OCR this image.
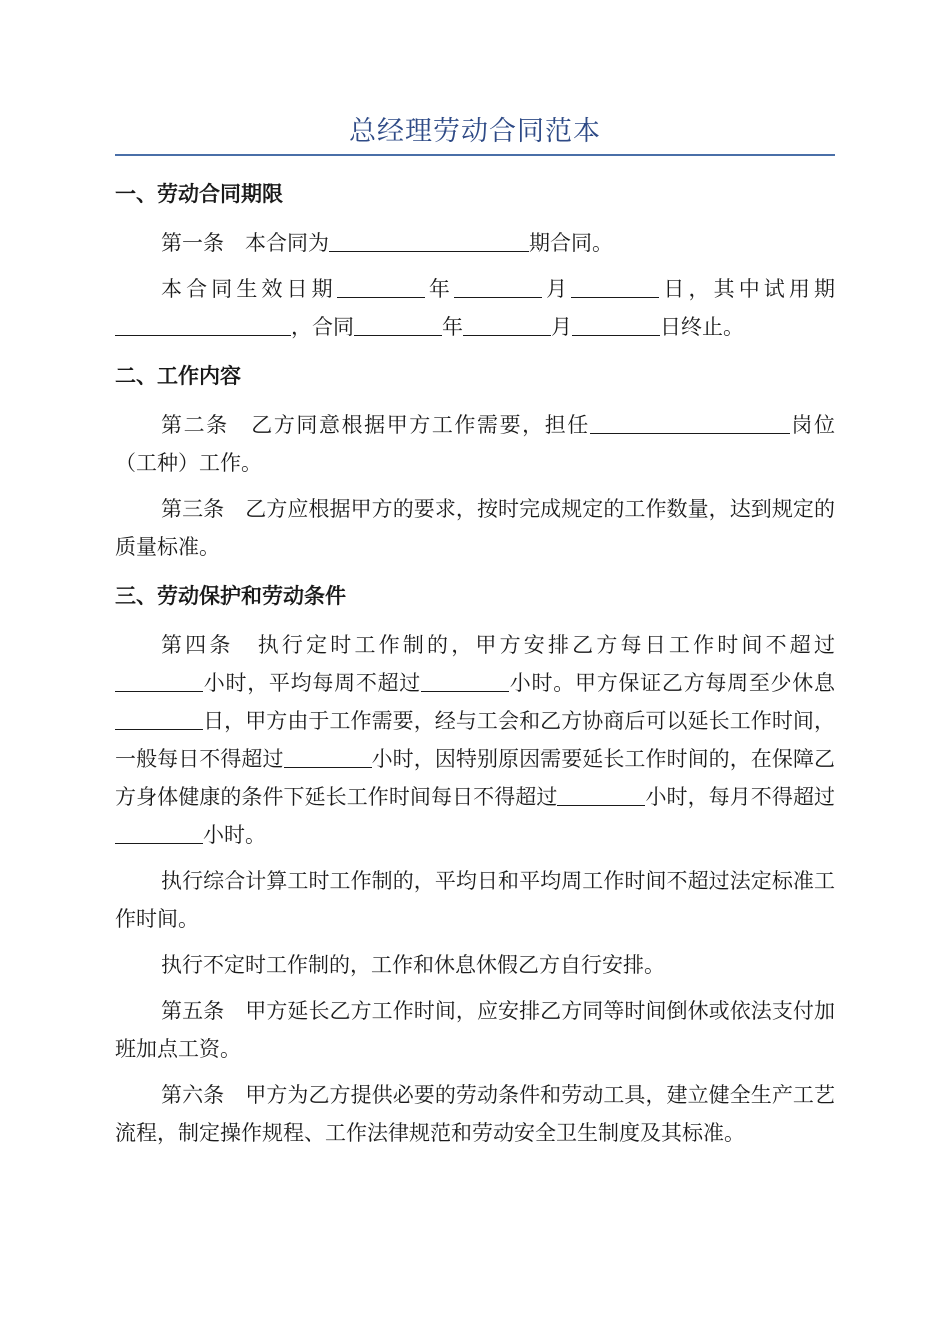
总经理劳动合同范本
一、劳动合同期限

第一条　本合同为	期合同。

本合同生效日期	年	月	日，其中试用期，合同	年	月	日终止。

二、工作内容

第二条　乙方同意根据甲方工作需要，担任	岗位（工种）工作。

第三条　乙方应根据甲方的要求，按时完成规定的工作数量，达到规定的质量标准。

三、劳动保护和劳动条件

第四条　执行定时工作制的，甲方安排乙方每日工作时间不超过小时，平均每周不超过	小时。甲方保证乙方每周至少休息日，甲方由于工作需要，经与工会和乙方协商后可以延长工作时间，一般每日不得超过	小时，因特别原因需要延长工作时间的，在保障乙方身体健康的条件下延长工作时间每日不得超过	小时，每月不得超过小时。

执行综合计算工时工作制的，平均日和平均周工作时间不超过法定标准工作时间。

执行不定时工作制的，工作和休息休假乙方自行安排。

第五条　甲方延长乙方工作时间，应安排乙方同等时间倒休或依法支付加班加点工资。

第六条　甲方为乙方提供必要的劳动条件和劳动工具，建立健全生产工艺流程，制定操作规程、工作法律规范和劳动安全卫生制度及其标准。
